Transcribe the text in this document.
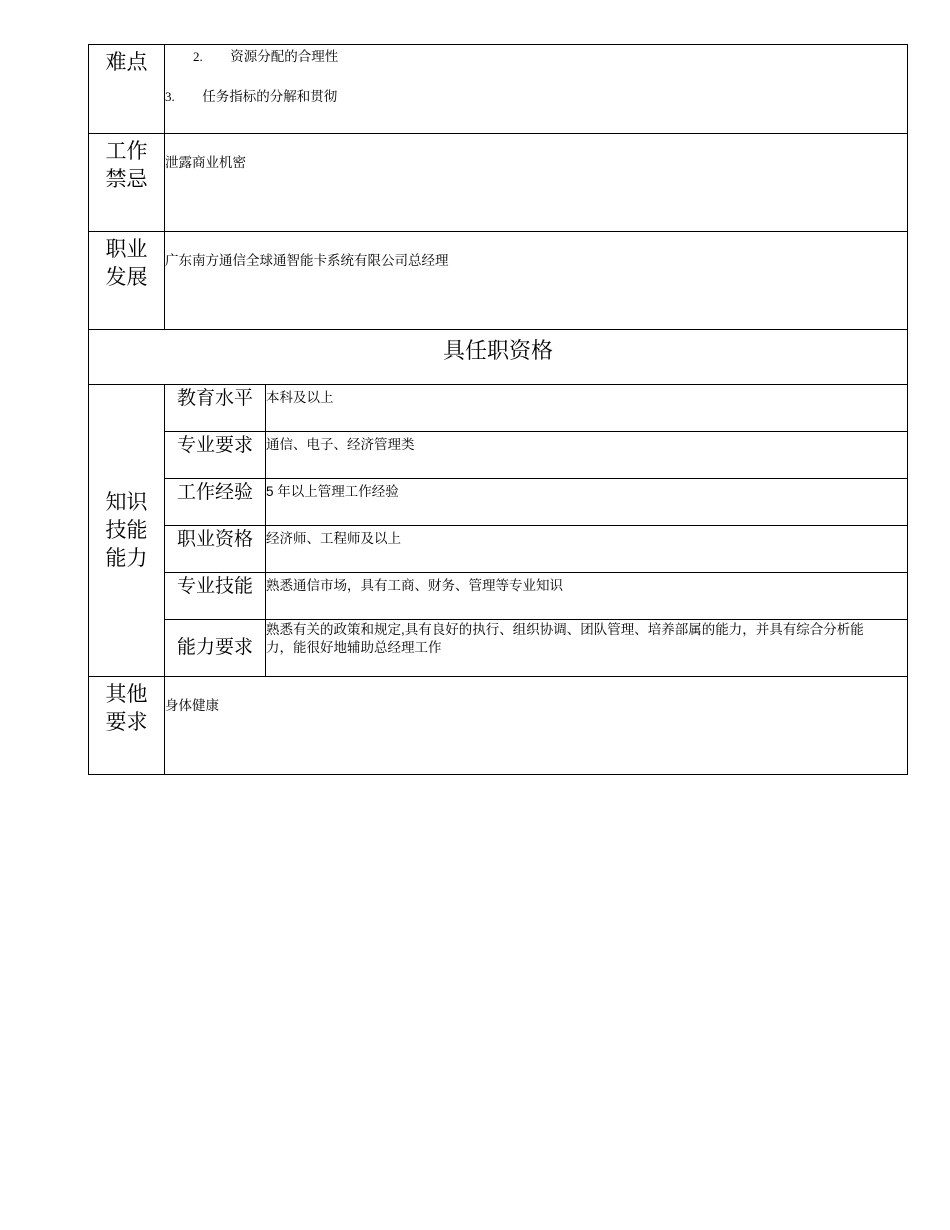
难点	2. 资源分配的合理性
3. 任务指标的分解和贯彻	

工作禁忌	泄露商业机密	

职业发展	广东南方通信全球通智能卡系统有限公司总经理	
具任职资格		

知识技能能力	教育水平	本科及以上
	专业要求	通信、电子、经济管理类
	工作经验	5 年以上管理工作经验
	职业资格	经济师、工程师及以上
	专业技能	熟悉通信市场，具有工商、财务、管理等专业知识
	能力要求	熟悉有关的政策和规定,具有良好的执行、组织协调、团队管理、培养部属的能力，并具有综合分析能力，能很好地辅助总经理工作

其他要求	身体健康	
